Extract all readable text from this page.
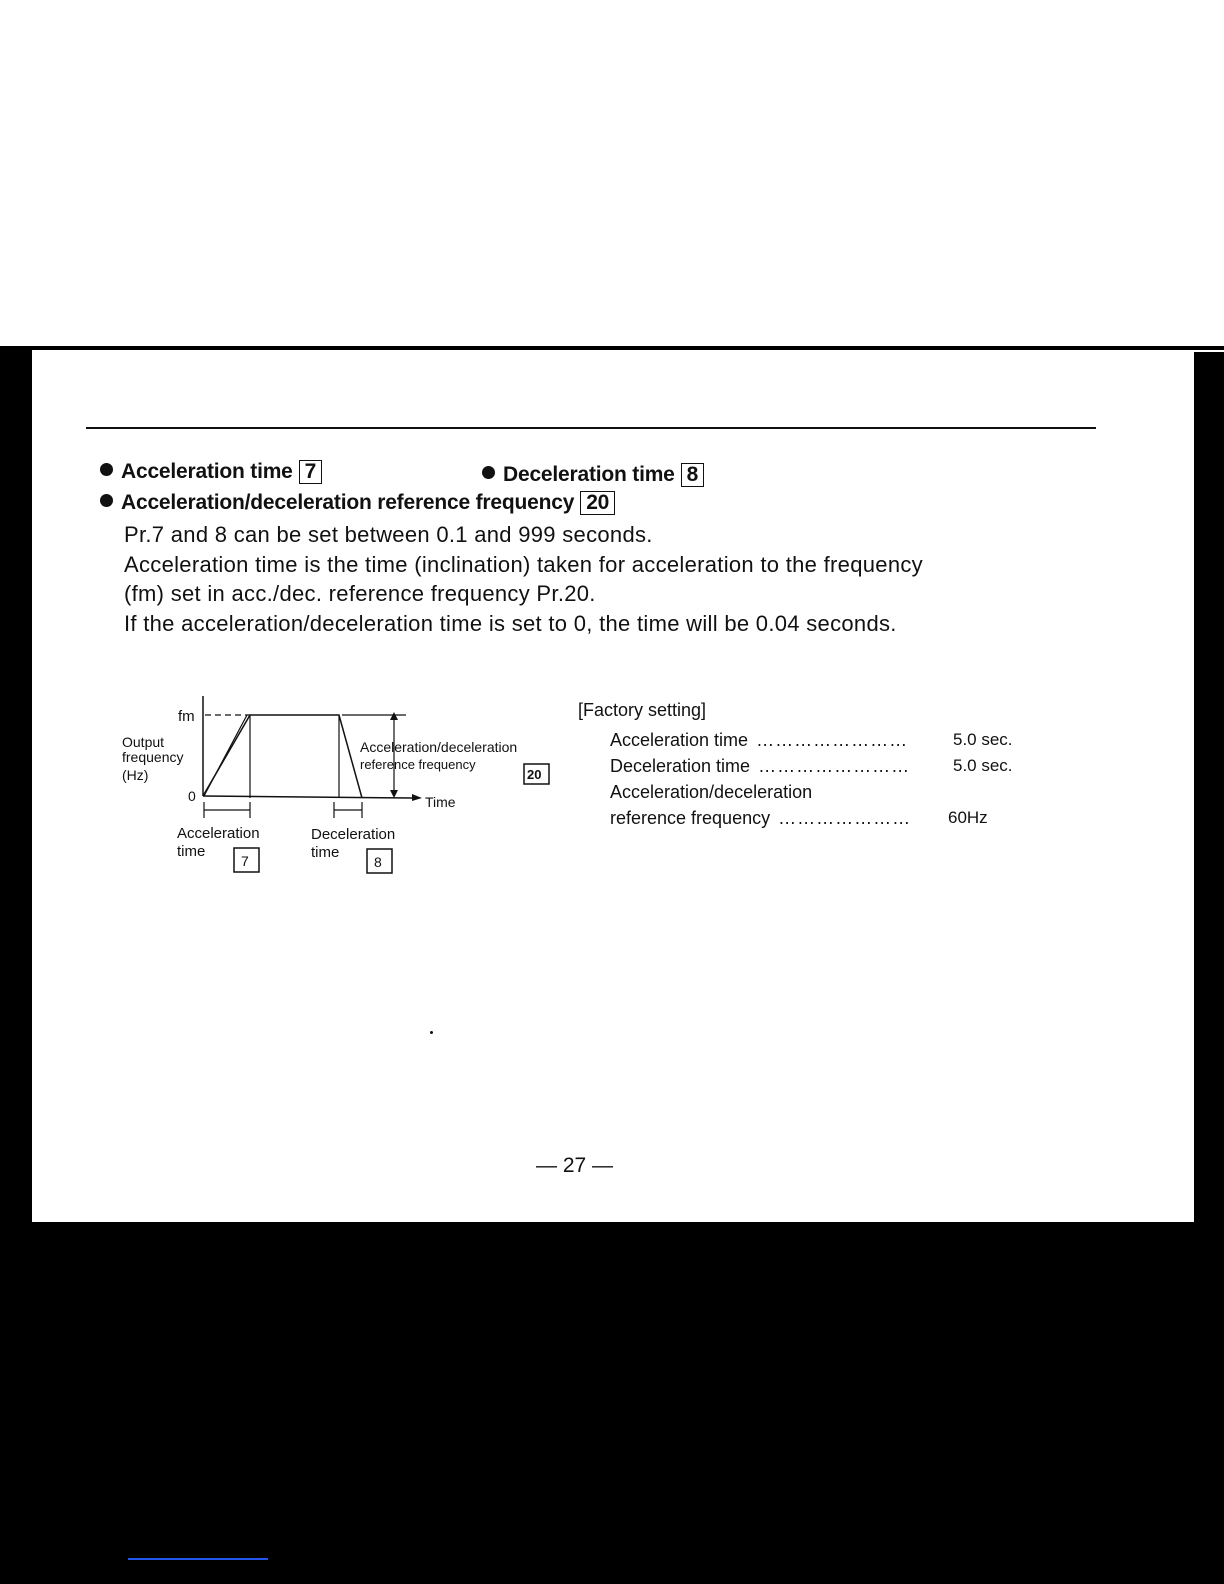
Acceleration time 7	Deceleration time 8
Acceleration/deceleration reference frequency 20
Pr.7 and 8 can be set between 0.1 and 999 seconds.
Acceleration time is the time (inclination) taken for acceleration to the frequency
(fm) set in acc./dec. reference frequency Pr.20.
If the acceleration/deceleration time is set to 0, the time will be 0.04 seconds.
fm
Output
frequency
(Hz)
0
Acceleration/deceleration
reference frequency
20
Time
Acceleration
time
7
Deceleration
time
8
[Factory setting]
Acceleration time ……………………	5.0 sec.
Deceleration time ……………………	5.0 sec.
Acceleration/deceleration
reference frequency ………………… 60Hz
— 27 —
